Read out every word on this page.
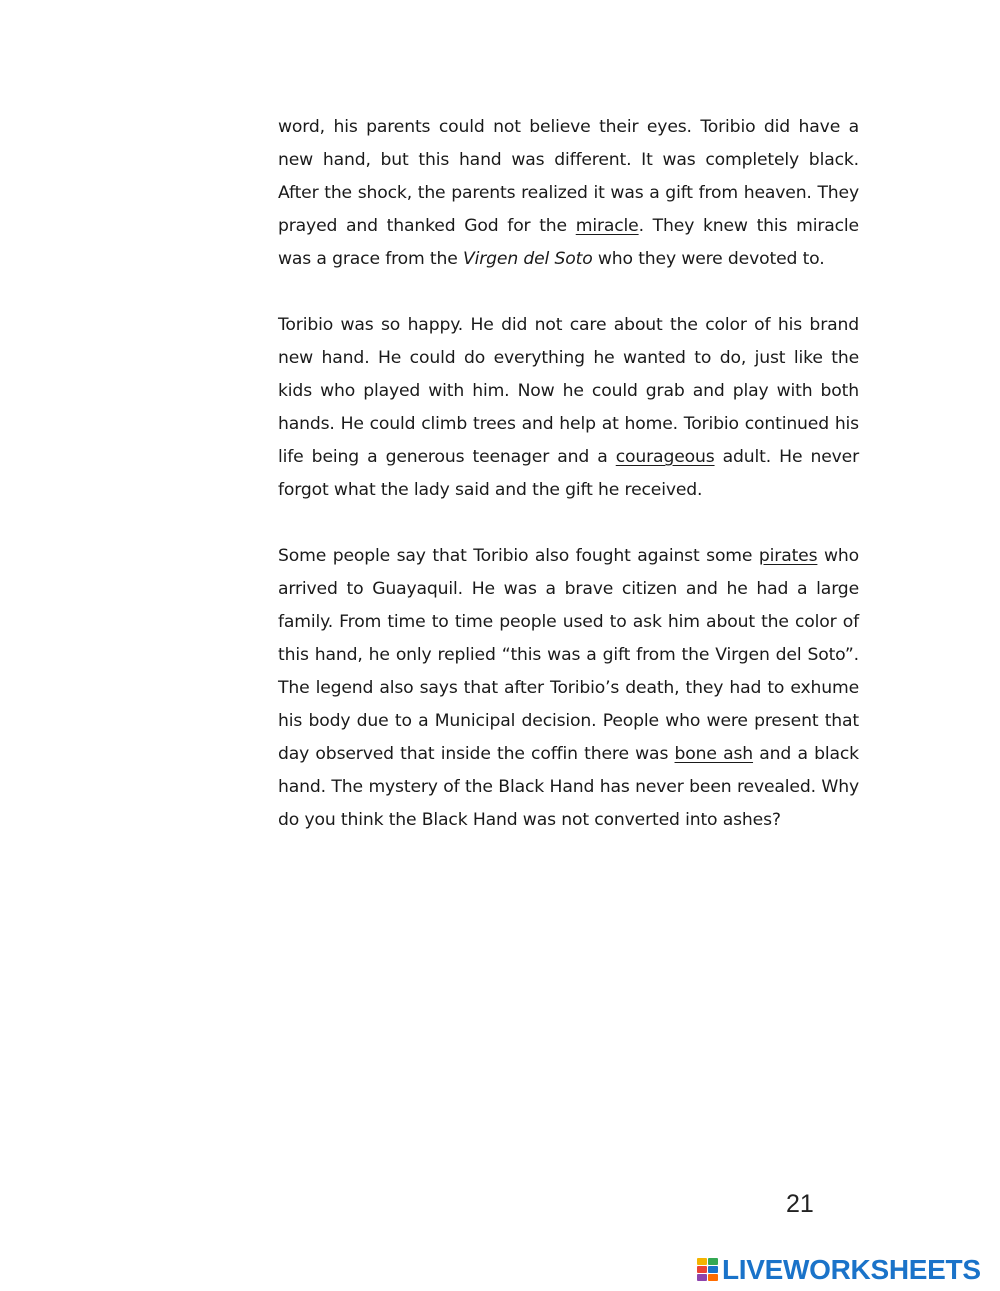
word, his parents could not believe their eyes. Toribio did have a new hand, but this hand was different. It was completely black. After the shock, the parents realized it was a gift from heaven. They prayed and thanked God for the miracle. They knew this miracle was a grace from the Virgen del Soto who they were devoted to.

Toribio was so happy. He did not care about the color of his brand new hand. He could do everything he wanted to do, just like the kids who played with him. Now he could grab and play with both hands. He could climb trees and help at home. Toribio continued his life being a generous teenager and a courageous adult. He never forgot what the lady said and the gift he received.

Some people say that Toribio also fought against some pirates who arrived to Guayaquil. He was a brave citizen and he had a large family. From time to time people used to ask him about the color of this hand, he only replied “this was a gift from the Virgen del Soto”. The legend also says that after Toribio’s death, they had to exhume his body due to a Municipal decision. People who were present that day observed that inside the coffin there was bone ash and a black hand. The mystery of the Black Hand has never been revealed. Why do you think the Black Hand was not converted into ashes?

21
LIVEWORKSHEETS
